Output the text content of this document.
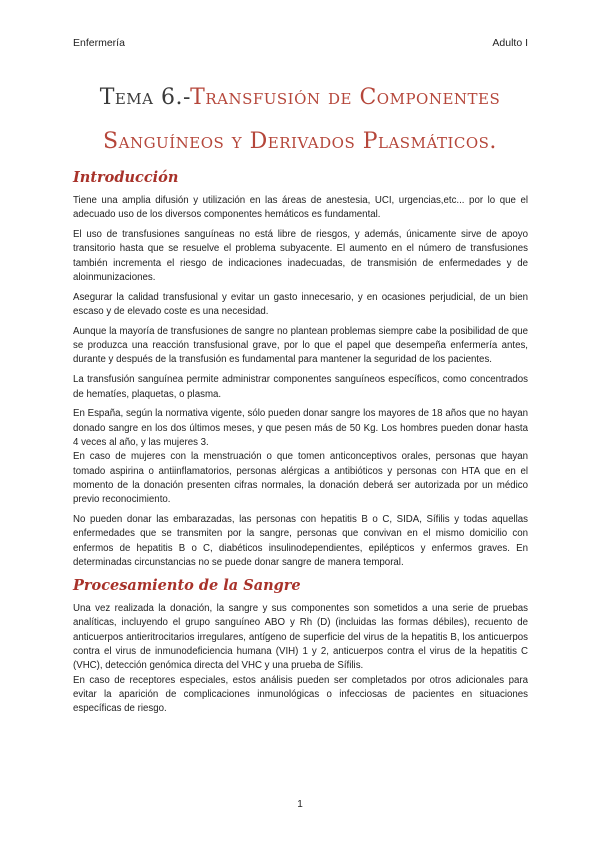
Enfermería	Adulto I
Tema 6.-Transfusión de Componentes Sanguíneos y Derivados Plasmáticos.
Introducción

Tiene una amplia difusión y utilización en las áreas de anestesia, UCI, urgencias,etc... por lo que el adecuado uso de los diversos componentes hemáticos es fundamental.

El uso de transfusiones sanguíneas no está libre de riesgos, y además, únicamente sirve de apoyo transitorio hasta que se resuelve el problema subyacente. El aumento en el número de transfusiones también incrementa el riesgo de indicaciones inadecuadas, de transmisión de enfermedades y de aloinmunizaciones.

Asegurar la calidad transfusional y evitar un gasto innecesario, y en ocasiones perjudicial, de un bien escaso y de elevado coste es una necesidad.

Aunque la mayoría de transfusiones de sangre no plantean problemas siempre cabe la posibilidad de que se produzca una reacción transfusional grave, por lo que el papel que desempeña enfermería antes, durante y después de la transfusión es fundamental para mantener la seguridad de los pacientes.

La transfusión sanguínea permite administrar componentes sanguíneos específicos, como concentrados de hematíes, plaquetas, o plasma.

En España, según la normativa vigente, sólo pueden donar sangre los mayores de 18 años que no hayan donado sangre en los dos últimos meses, y que pesen más de 50 Kg. Los hombres pueden donar hasta 4 veces al año, y las mujeres 3.

En caso de mujeres con la menstruación o que tomen anticonceptivos orales, personas que hayan tomado aspirina o antiinflamatorios, personas alérgicas a antibióticos y personas con HTA que en el momento de la donación presenten cifras normales, la donación deberá ser autorizada por un médico previo reconocimiento.

No pueden donar las embarazadas, las personas con hepatitis B o C, SIDA, Sífilis y todas aquellas enfermedades que se transmiten por la sangre, personas que convivan en el mismo domicilio con enfermos de hepatitis B o C, diabéticos insulinodependientes, epilépticos y enfermos graves. En determinadas circunstancias no se puede donar sangre de manera temporal.

Procesamiento de la Sangre

Una vez realizada la donación, la sangre y sus componentes son sometidos a una serie de pruebas analíticas, incluyendo el grupo sanguíneo ABO y Rh (D) (incluidas las formas débiles), recuento de anticuerpos antieritrocitarios irregulares, antígeno de superficie del virus de la hepatitis B, los anticuerpos contra el virus de inmunodeficiencia humana (VIH) 1 y 2, anticuerpos contra el virus de la hepatitis C (VHC), detección genómica directa del VHC y una prueba de Sífilis.

En caso de receptores especiales, estos análisis pueden ser completados por otros adicionales para evitar la aparición de complicaciones inmunológicas o infecciosas de pacientes en situaciones específicas de riesgo.

1
